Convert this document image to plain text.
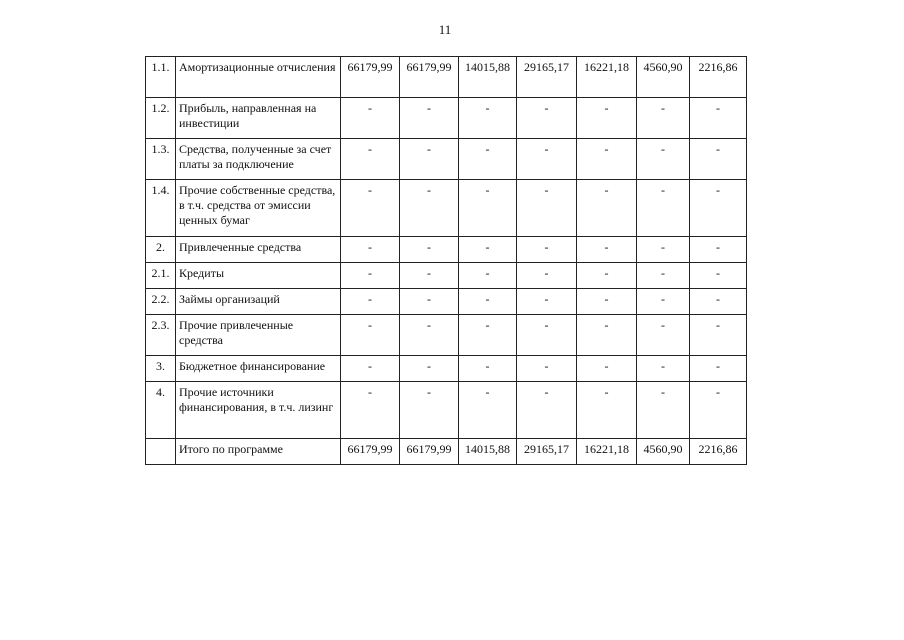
11
1.1.	Амортизационные отчисления	66179,99	66179,99	14015,88	29165,17	16221,18	4560,90	2216,86
1.2.	Прибыль, направленная на инвестиции	-	-	-	-	-	-	-
1.3.	Средства, полученные за счет платы за подключение	-	-	-	-	-	-	-
1.4.	Прочие собственные средства, в т.ч. средства от эмиссии ценных бумаг	-	-	-	-	-	-	-
2.	Привлеченные средства	-	-	-	-	-	-	-
2.1.	Кредиты	-	-	-	-	-	-	-
2.2.	Займы организаций	-	-	-	-	-	-	-
2.3.	Прочие привлеченные средства	-	-	-	-	-	-	-
3.	Бюджетное финансирование	-	-	-	-	-	-	-
4.	Прочие источники финансирования, в т.ч. лизинг	-	-	-	-	-	-	-
	Итого по программе	66179,99	66179,99	14015,88	29165,17	16221,18	4560,90	2216,86
